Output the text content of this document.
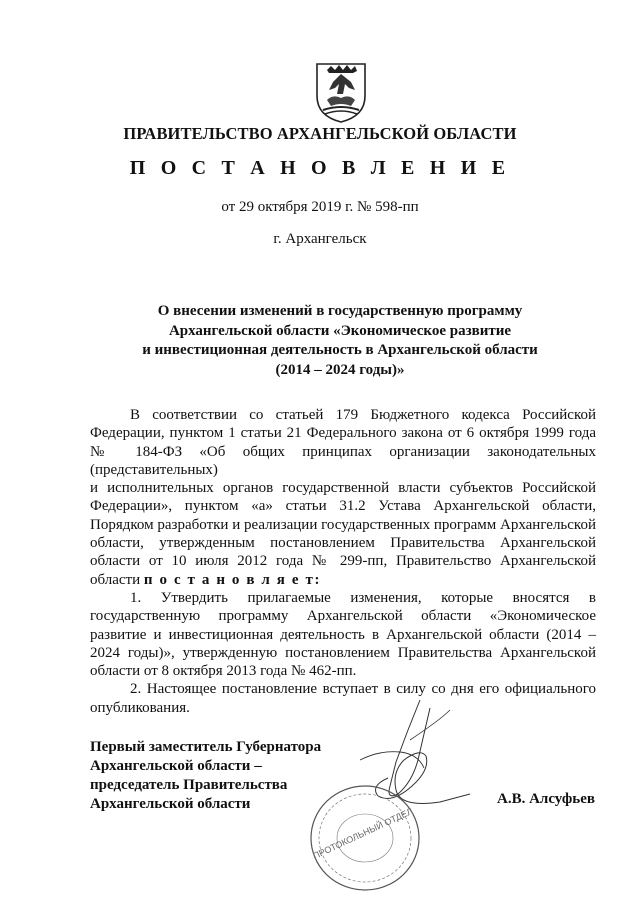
ПРАВИТЕЛЬСТВО АРХАНГЕЛЬСКОЙ ОБЛАСТИ
П О С Т А Н О В Л Е Н И Е
от 29 октября 2019 г. № 598-пп
г. Архангельск
О внесении изменений в государственную программу
Архангельской области «Экономическое развитие
и инвестиционная деятельность в Архангельской области
(2014 – 2024 годы)»

В соответствии со статьей 179 Бюджетного кодекса Российской Федерации, пунктом 1 статьи 21 Федерального закона от 6 октября 1999 года № 184-ФЗ «Об общих принципах организации законодательных (представительных)

и исполнительных органов государственной власти субъектов Российской Федерации», пунктом «а» статьи 31.2 Устава Архангельской области, Порядком разработки и реализации государственных программ Архангельской области, утвержденным постановлением Правительства Архангельской области от 10 июля 2012 года № 299-пп, Правительство Архангельской области п о с т а н о в л я е т:

1. Утвердить прилагаемые изменения, которые вносятся в государственную программу Архангельской области «Экономическое развитие и инвестиционная деятельность в Архангельской области (2014 – 2024 годы)», утвержденную постановлением Правительства Архангельской области от 8 октября 2013 года № 462-пп.

2. Настоящее постановление вступает в силу со дня его официального опубликования.

ПРОТОКОЛЬНЫЙ ОТДЕЛ
Первый заместитель Губернатора
Архангельской области –
председатель Правительства
Архангельской области	А.В. Алсуфьев
